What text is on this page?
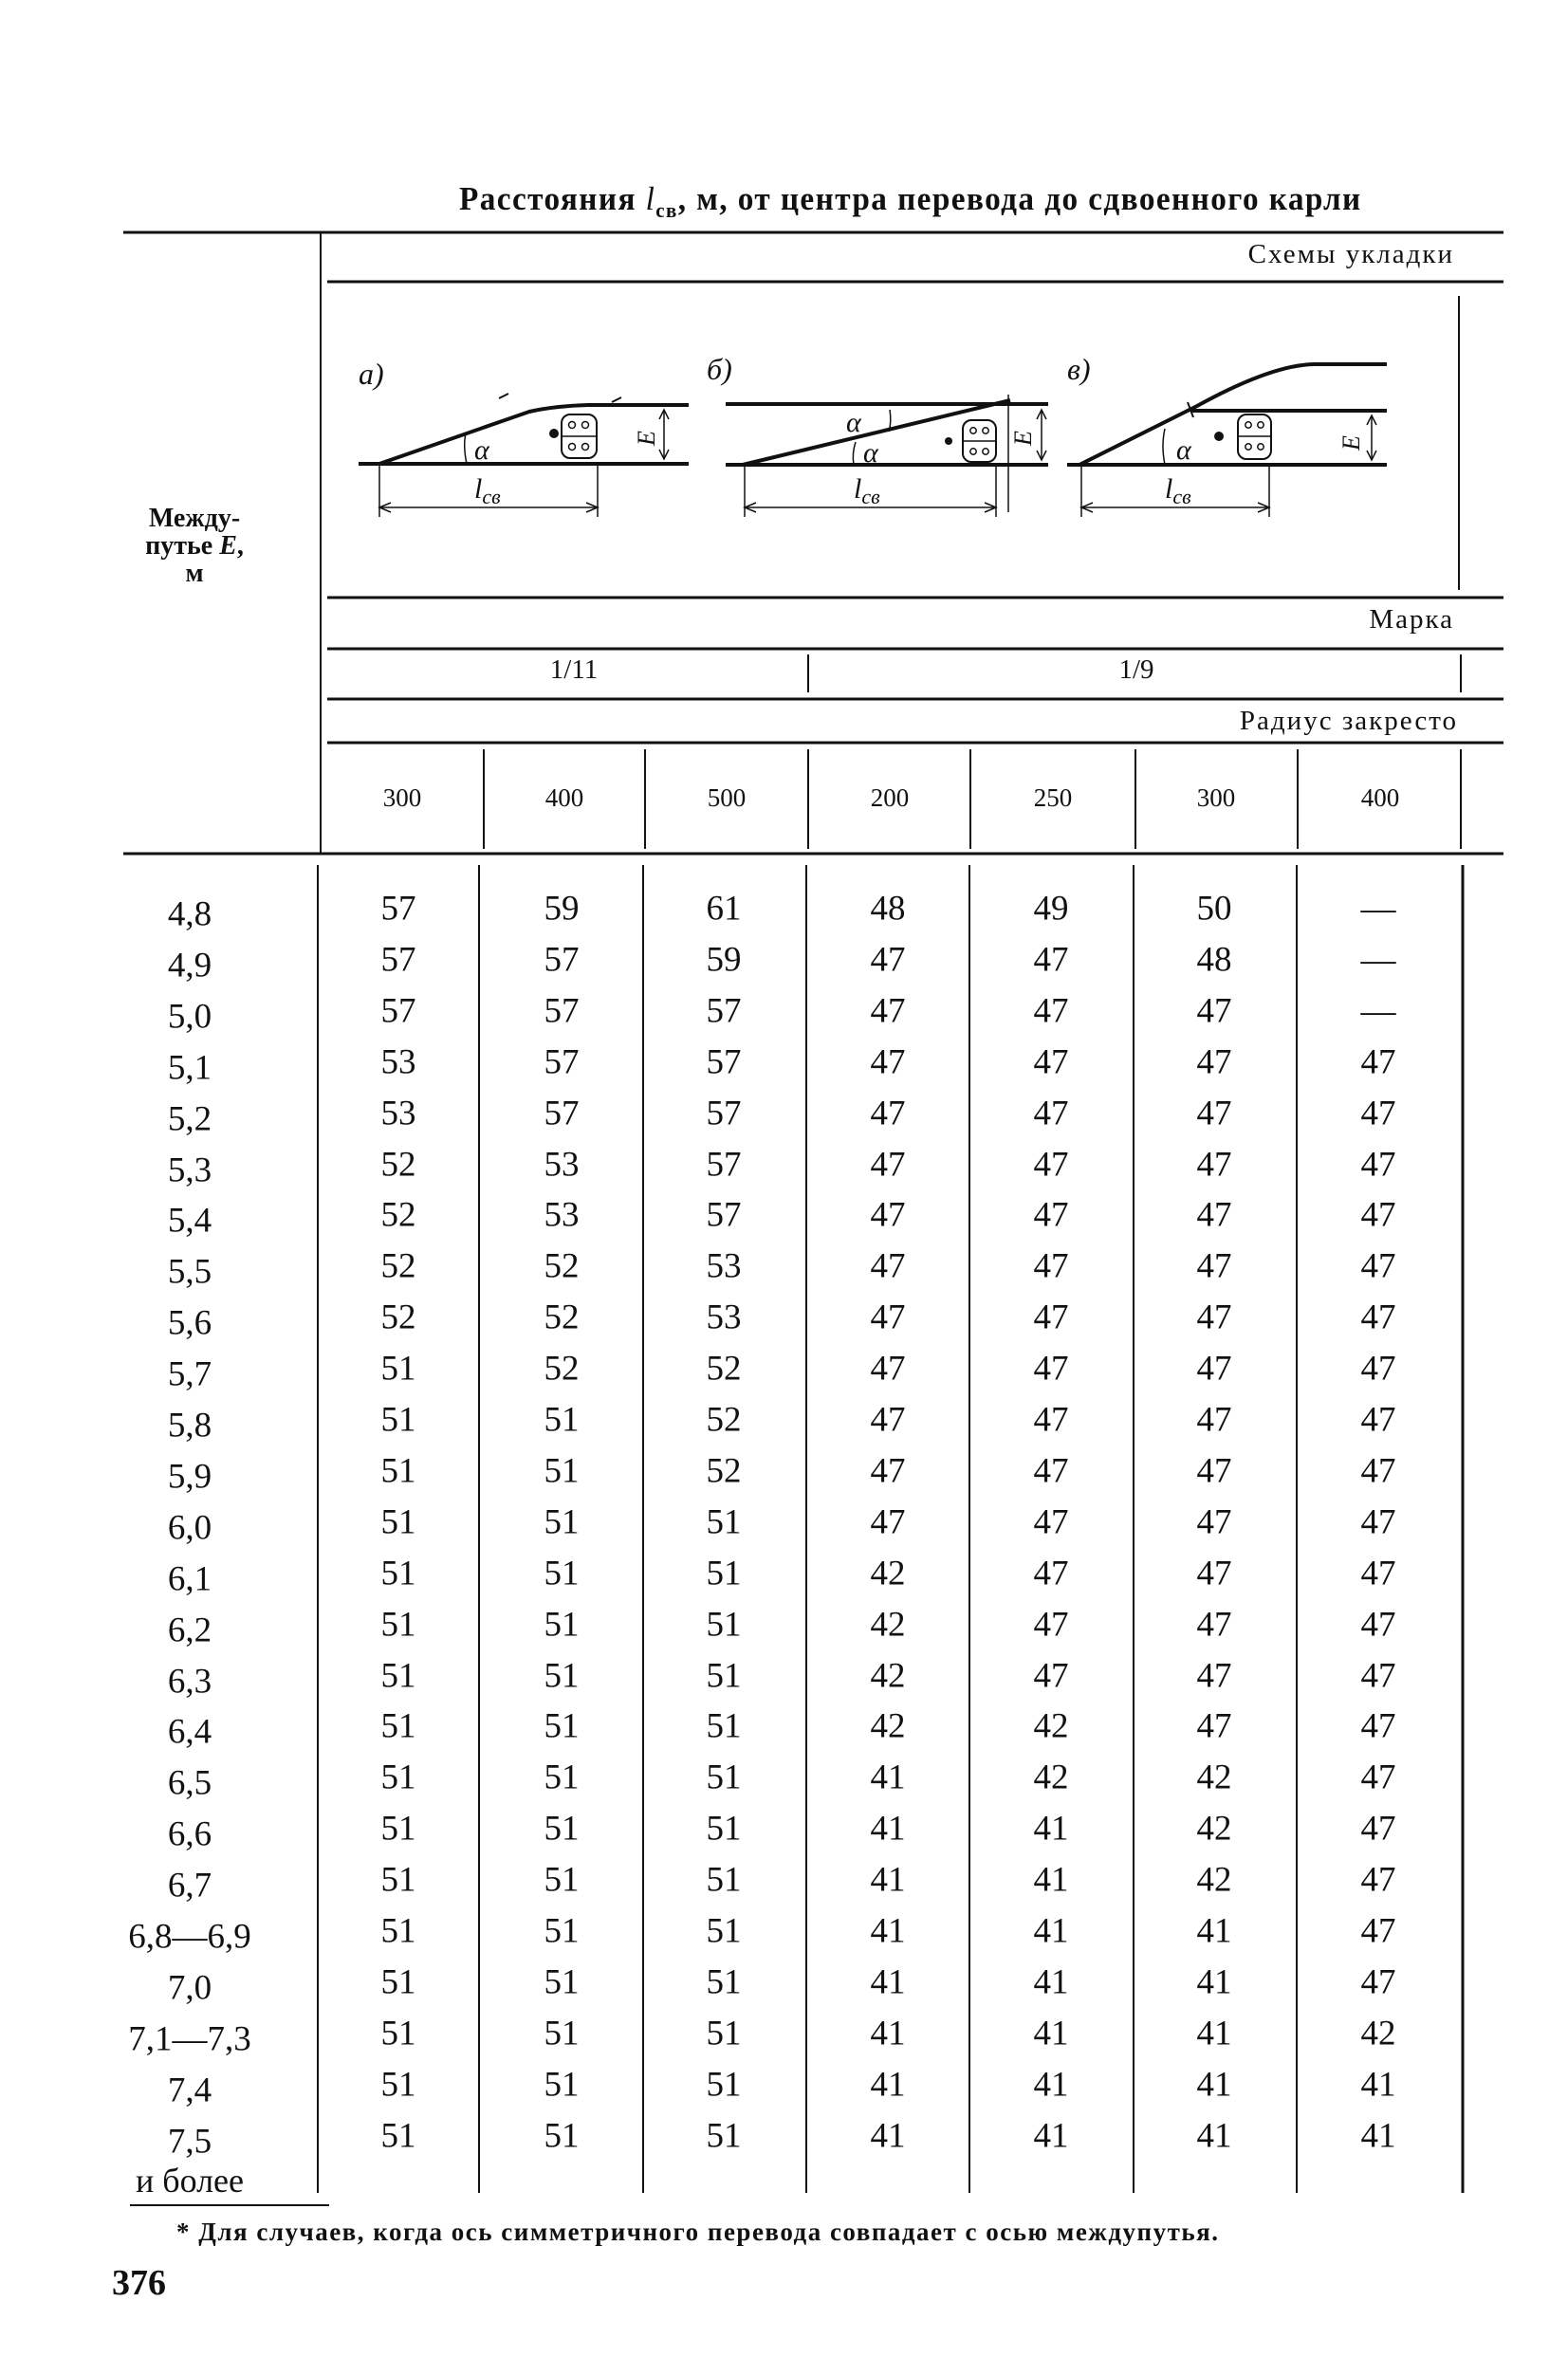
а)	б)	в)
α
α
α	α
$l_{св}$	$l_{св}$	$l_{св}$
E	E	E
Расстояния $l_{св}$, м, от центра перевода до сдвоенного карли
Схемы укладки
Марка
1/11	1/9
Радиус закресто
Между-
путье E,
м
300	400	500	200	250	300	400
4,8	57	59	61	48	49	50	—
4,9	57	57	59	47	47	48	—
5,0	57	57	57	47	47	47	—
5,1	53	57	57	47	47	47	47
5,2	53	57	57	47	47	47	47
5,3	52	53	57	47	47	47	47
5,4	52	53	57	47	47	47	47
5,5	52	52	53	47	47	47	47
5,6	52	52	53	47	47	47	47
5,7	51	52	52	47	47	47	47
5,8	51	51	52	47	47	47	47
5,9	51	51	52	47	47	47	47
6,0	51	51	51	47	47	47	47
6,1	51	51	51	42	47	47	47
6,2	51	51	51	42	47	47	47
6,3	51	51	51	42	47	47	47
6,4	51	51	51	42	42	47	47
6,5	51	51	51	41	42	42	47
6,6	51	51	51	41	41	42	47
6,7	51	51	51	41	41	42	47
6,8—6,9	51	51	51	41	41	41	47
7,0	51	51	51	41	41	41	47
7,1—7,3	51	51	51	41	41	41	42
7,4	51	51	51	41	41	41	41
7,5	51	51	51	41	41	41	41
и более
* Для случаев, когда ось симметричного перевода совпадает с осью междупутья.
376
